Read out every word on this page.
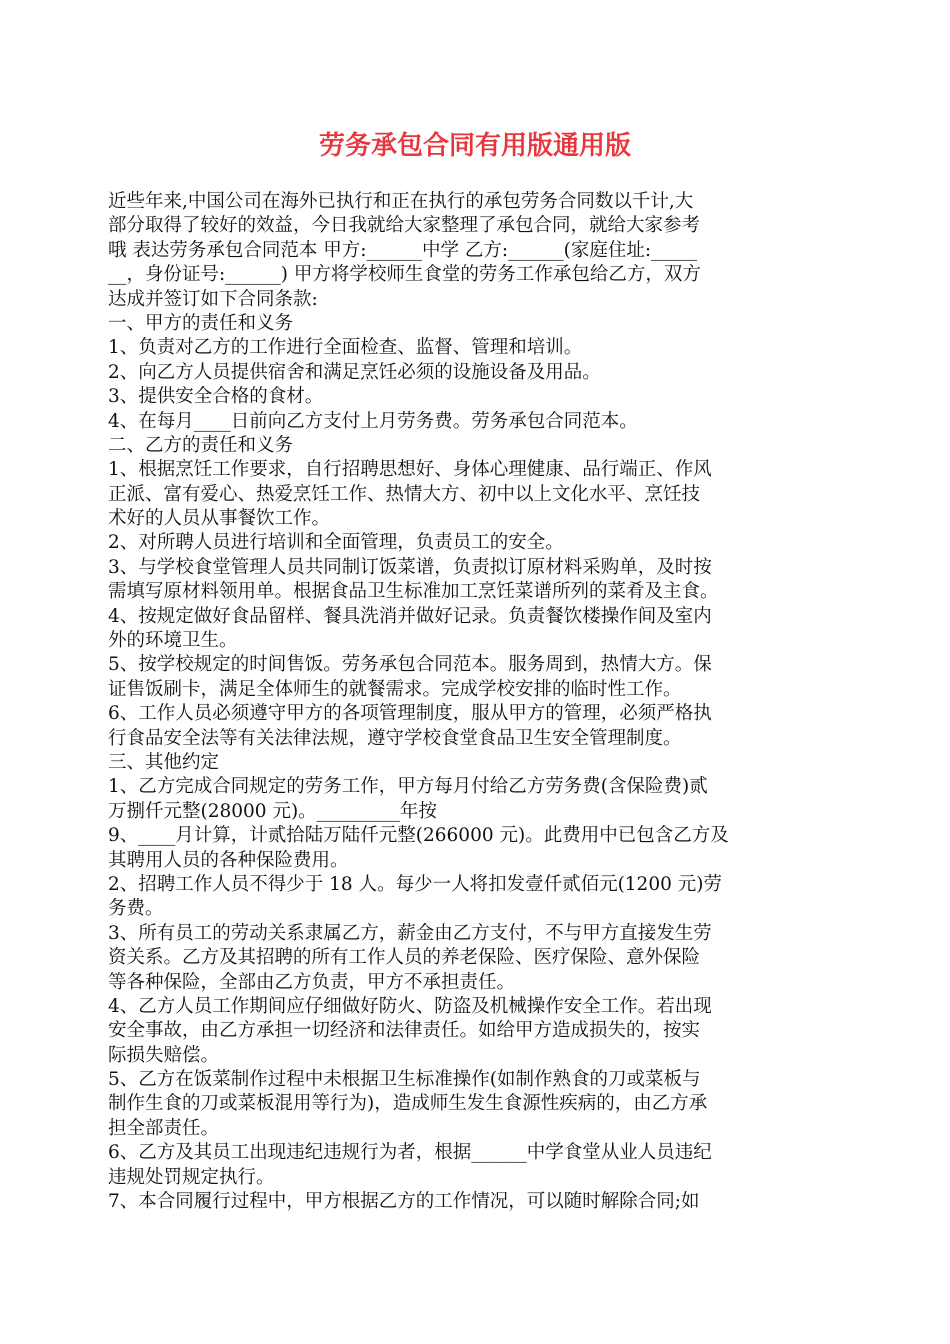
劳务承包合同有用版通用版
近些年来,中国公司在海外已执行和正在执行的承包劳务合同数以千计,大
部分取得了较好的效益，今日我就给大家整理了承包合同，就给大家参考
哦 表达劳务承包合同范本 甲方:______中学 乙方:______(家庭住址:_____
__，身份证号:______) 甲方将学校师生食堂的劳务工作承包给乙方，双方
达成并签订如下合同条款:
一、甲方的责任和义务
1、负责对乙方的工作进行全面检查、监督、管理和培训。
2、向乙方人员提供宿舍和满足烹饪必须的设施设备及用品。
3、提供安全合格的食材。
4、在每月____日前向乙方支付上月劳务费。劳务承包合同范本。
二、乙方的责任和义务
1、根据烹饪工作要求，自行招聘思想好、身体心理健康、品行端正、作风
正派、富有爱心、热爱烹饪工作、热情大方、初中以上文化水平、烹饪技
术好的人员从事餐饮工作。
2、对所聘人员进行培训和全面管理，负责员工的安全。
3、与学校食堂管理人员共同制订饭菜谱，负责拟订原材料采购单，及时按
需填写原材料领用单。根据食品卫生标准加工烹饪菜谱所列的菜肴及主食。
4、按规定做好食品留样、餐具洗消并做好记录。负责餐饮楼操作间及室内
外的环境卫生。
5、按学校规定的时间售饭。劳务承包合同范本。服务周到，热情大方。保
证售饭刷卡，满足全体师生的就餐需求。完成学校安排的临时性工作。
6、工作人员必须遵守甲方的各项管理制度，服从甲方的管理，必须严格执
行食品安全法等有关法律法规，遵守学校食堂食品卫生安全管理制度。
三、其他约定
1、乙方完成合同规定的劳务工作，甲方每月付给乙方劳务费(含保险费)贰
万捌仟元整(28000 元)。_________年按
9、____月计算，计贰拾陆万陆仟元整(266000 元)。此费用中已包含乙方及
其聘用人员的各种保险费用。
2、招聘工作人员不得少于 18 人。每少一人将扣发壹仟贰佰元(1200 元)劳
务费。
3、所有员工的劳动关系隶属乙方，薪金由乙方支付，不与甲方直接发生劳
资关系。乙方及其招聘的所有工作人员的养老保险、医疗保险、意外保险
等各种保险，全部由乙方负责，甲方不承担责任。
4、乙方人员工作期间应仔细做好防火、防盗及机械操作安全工作。若出现
安全事故，由乙方承担一切经济和法律责任。如给甲方造成损失的，按实
际损失赔偿。
5、乙方在饭菜制作过程中未根据卫生标准操作(如制作熟食的刀或菜板与
制作生食的刀或菜板混用等行为)，造成师生发生食源性疾病的，由乙方承
担全部责任。
6、乙方及其员工出现违纪违规行为者，根据______中学食堂从业人员违纪
违规处罚规定执行。
7、本合同履行过程中，甲方根据乙方的工作情况，可以随时解除合同;如
